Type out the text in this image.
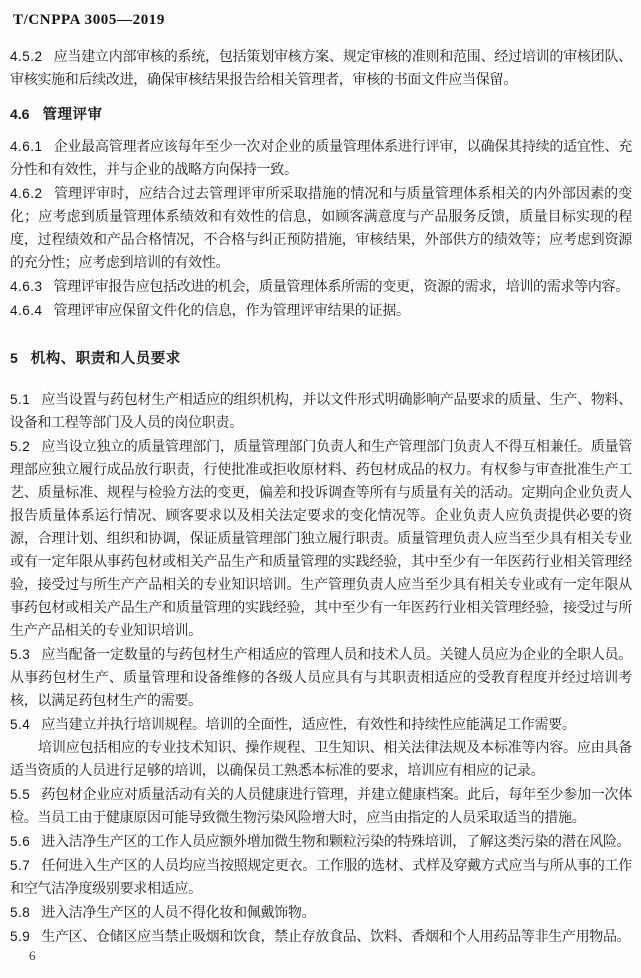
T/CNPPA 3005—2019

4.5.2 应当建立内部审核的系统，包括策划审核方案、规定审核的准则和范围、经过培训的审核团队、审核实施和后续改进，确保审核结果报告给相关管理者，审核的书面文件应当保留。

4.6 管理评审

4.6.1 企业最高管理者应该每年至少一次对企业的质量管理体系进行评审，以确保其持续的适宜性、充分性和有效性，并与企业的战略方向保持一致。

4.6.2 管理评审时，应结合过去管理评审所采取措施的情况和与质量管理体系相关的内外部因素的变化；应考虑到质量管理体系绩效和有效性的信息，如顾客满意度与产品服务反馈，质量目标实现的程度，过程绩效和产品合格情况，不合格与纠正预防措施，审核结果，外部供方的绩效等；应考虑到资源的充分性；应考虑到培训的有效性。

4.6.3 管理评审报告应包括改进的机会，质量管理体系所需的变更，资源的需求，培训的需求等内容。

4.6.4 管理评审应保留文件化的信息，作为管理评审结果的证据。

5 机构、职责和人员要求

5.1 应当设置与药包材生产相适应的组织机构，并以文件形式明确影响产品要求的质量、生产、物料、设备和工程等部门及人员的岗位职责。

5.2 应当设立独立的质量管理部门，质量管理部门负责人和生产管理部门负责人不得互相兼任。质量管理部应独立履行成品放行职责，行使批准或拒收原材料、药包材成品的权力。有权参与审查批准生产工艺、质量标准、规程与检验方法的变更，偏差和投诉调查等所有与质量有关的活动。定期向企业负责人报告质量体系运行情况、顾客要求以及相关法定要求的变化情况等。企业负责人应负责提供必要的资源，合理计划、组织和协调，保证质量管理部门独立履行职责。质量管理负责人应当至少具有相关专业或有一定年限从事药包材或相关产品生产和质量管理的实践经验，其中至少有一年医药行业相关管理经验，接受过与所生产产品相关的专业知识培训。生产管理负责人应当至少具有相关专业或有一定年限从事药包材或相关产品生产和质量管理的实践经验，其中至少有一年医药行业相关管理经验，接受过与所生产产品相关的专业知识培训。

5.3 应当配备一定数量的与药包材生产相适应的管理人员和技术人员。关键人员应为企业的全职人员。从事药包材生产、质量管理和设备维修的各级人员应具有与其职责相适应的受教育程度并经过培训考核，以满足药包材生产的需要。

5.4 应当建立并执行培训规程。培训的全面性，适应性，有效性和持续性应能满足工作需要。

培训应包括相应的专业技术知识、操作规程、卫生知识、相关法律法规及本标准等内容。应由具备适当资质的人员进行足够的培训，以确保员工熟悉本标准的要求，培训应有相应的记录。

5.5 药包材企业应对质量活动有关的人员健康进行管理，并建立健康档案。此后，每年至少参加一次体检。当员工由于健康原因可能导致微生物污染风险增大时，应当由指定的人员采取适当的措施。

5.6 进入洁净生产区的工作人员应额外增加微生物和颗粒污染的特殊培训，了解这类污染的潜在风险。

5.7 任何进入生产区的人员均应当按照规定更衣。工作服的选材、式样及穿戴方式应当与所从事的工作和空气洁净度级别要求相适应。

5.8 进入洁净生产区的人员不得化妆和佩戴饰物。

5.9 生产区、仓储区应当禁止吸烟和饮食，禁止存放食品、饮料、香烟和个人用药品等非生产用物品。

6
